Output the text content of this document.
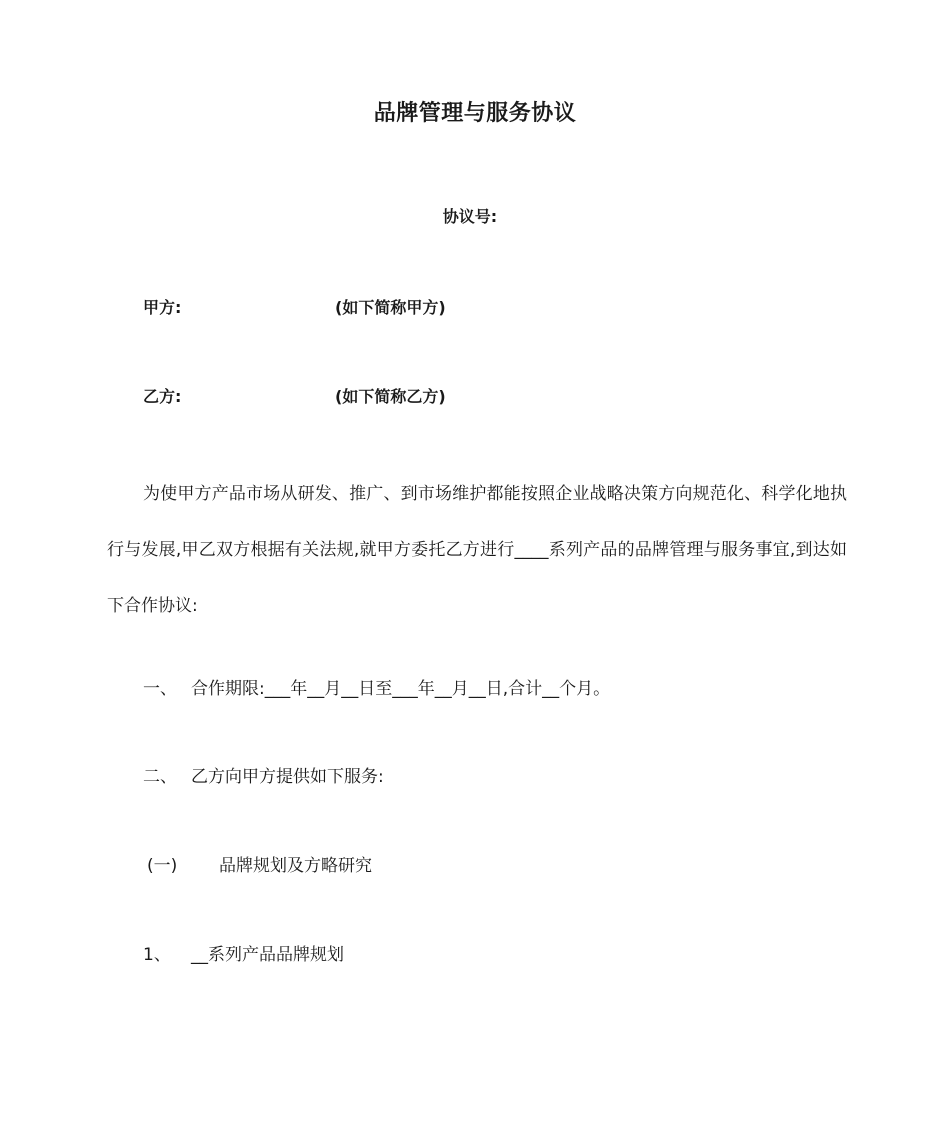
品牌管理与服务协议
协议号:
甲方:	(如下简称甲方)
乙方:	(如下简称乙方)

为使甲方产品市场从研发、推广、到市场维护都能按照企业战略决策方向规范化、科学化地执行与发展,甲乙双方根据有关法规,就甲方委托乙方进行____系列产品的品牌管理与服务事宜,到达如下合作协议:

一、 合作期限:___年__月__日至___年__月__日,合计__个月。
二、 乙方向甲方提供如下服务:
(一) 品牌规划及方略研究
1、 __系列产品品牌规划
